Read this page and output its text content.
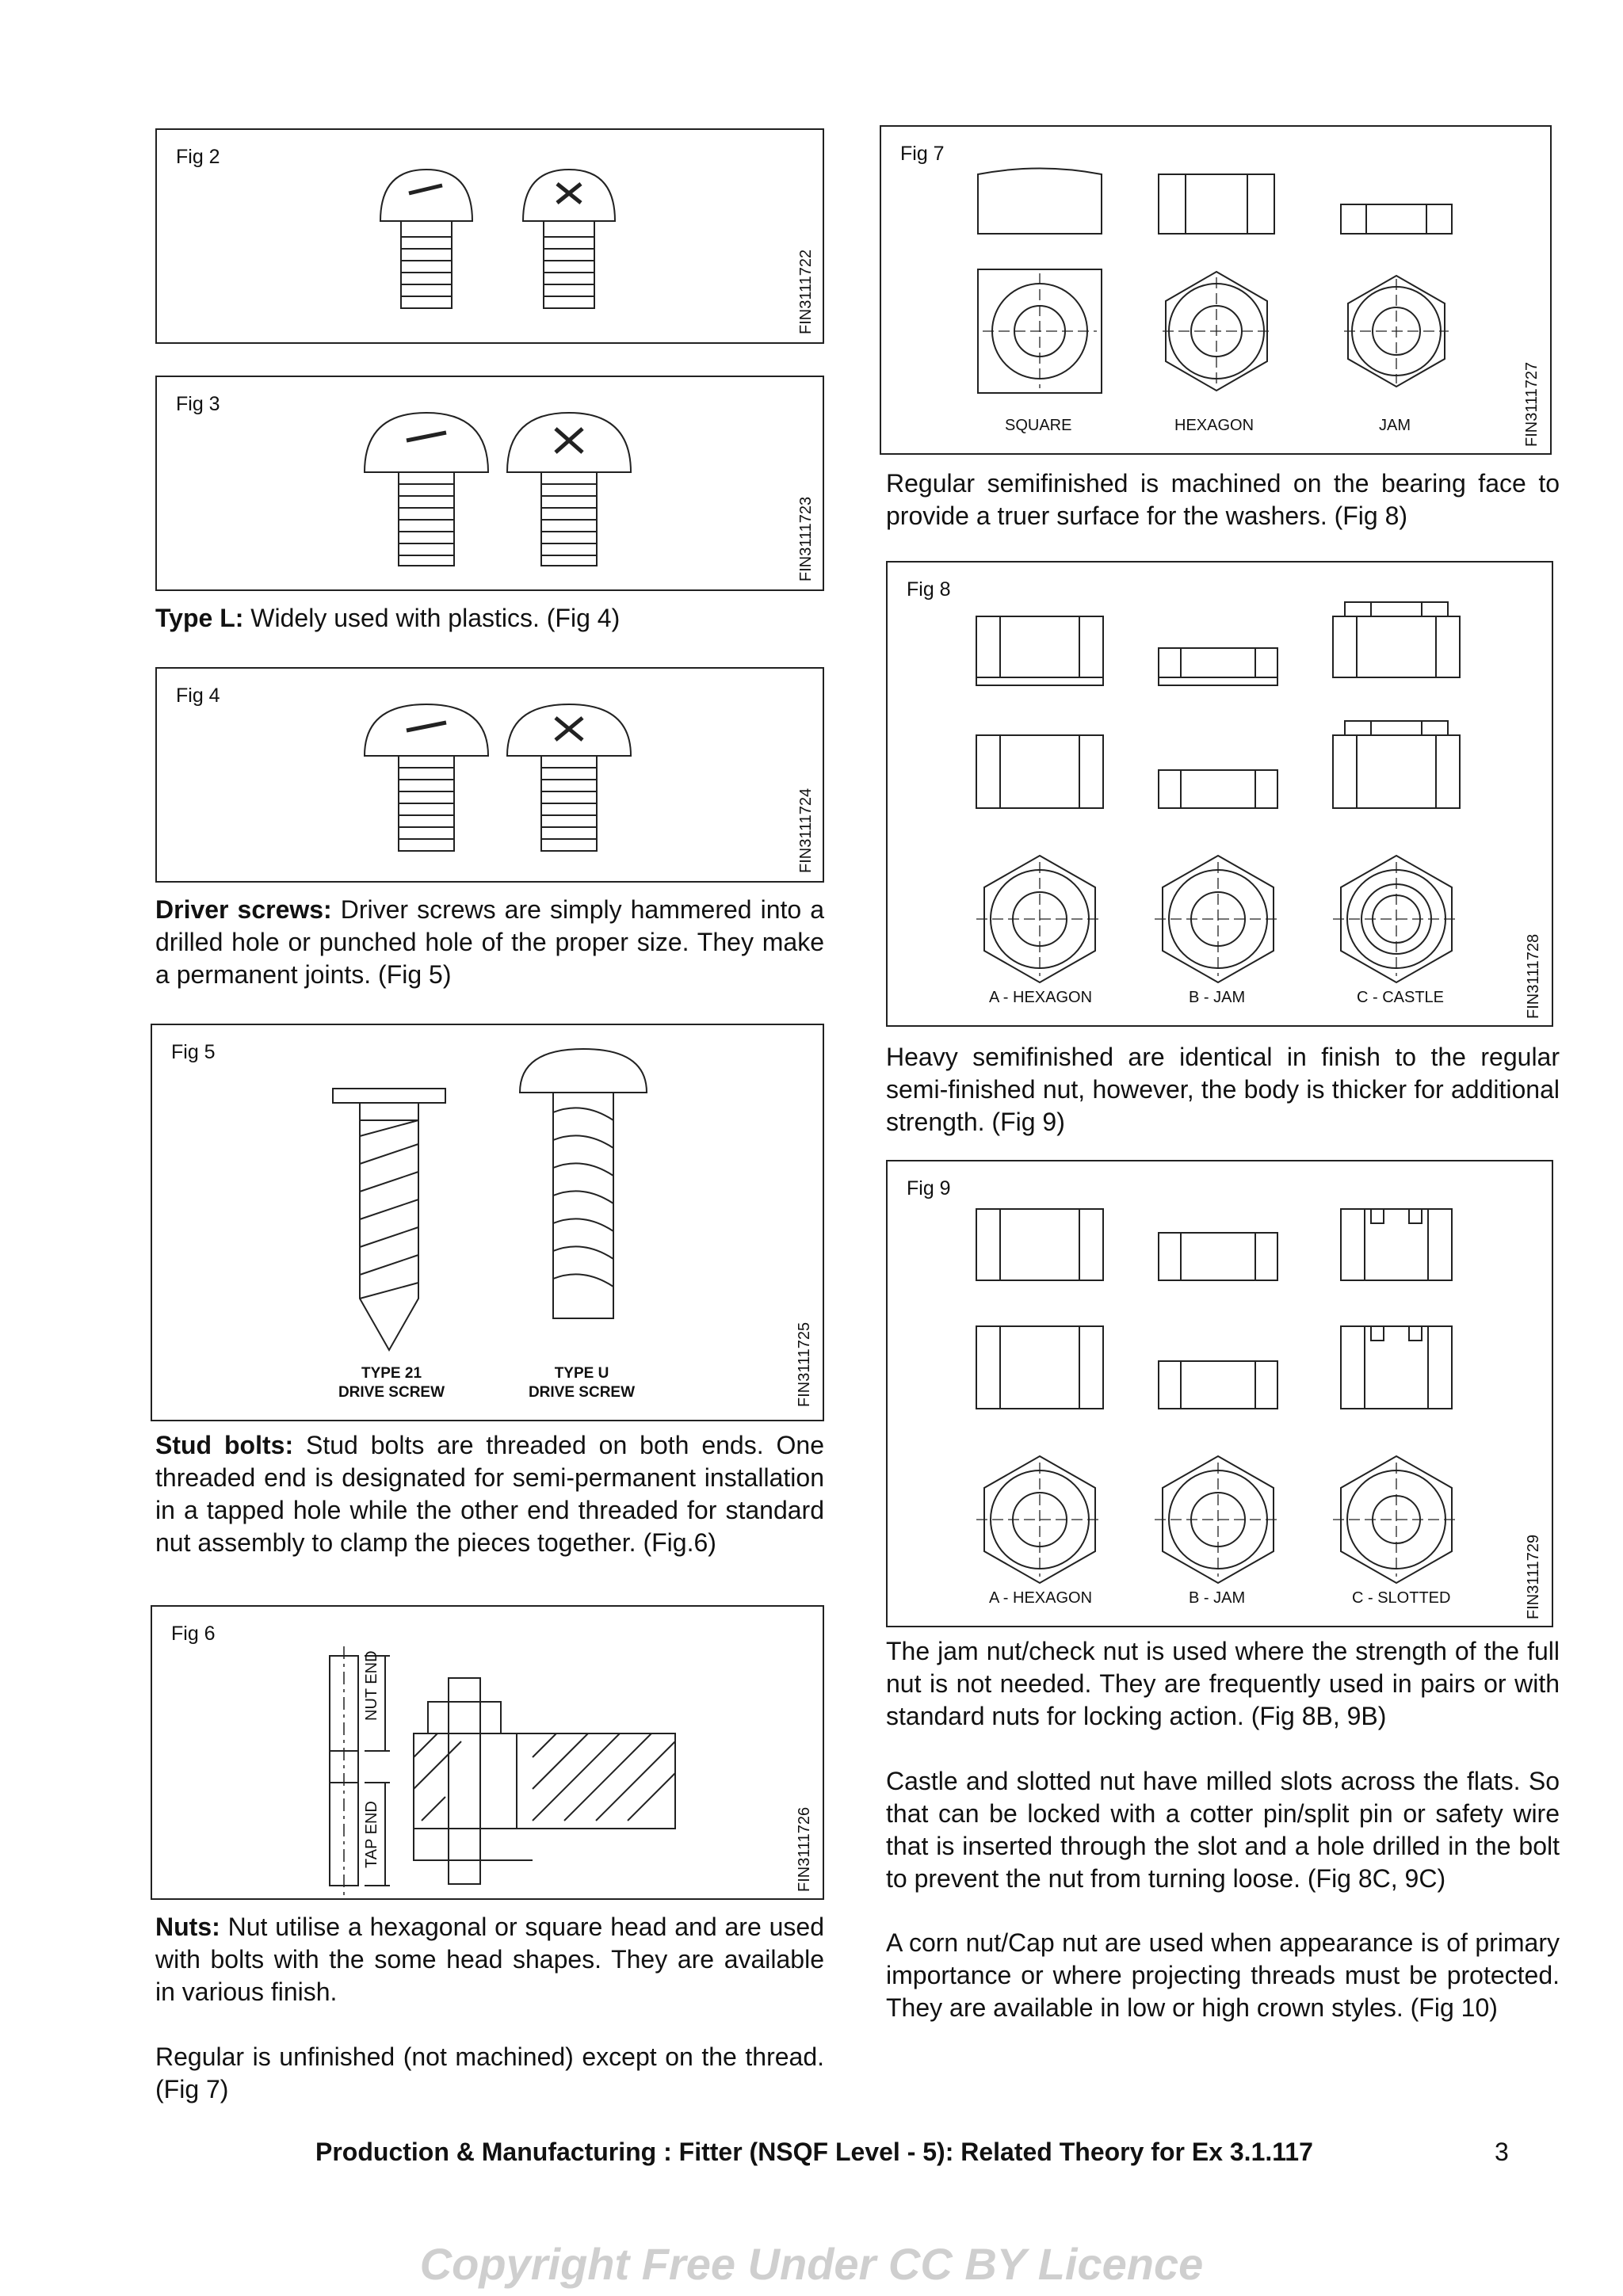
Fig 2
FIN3111722
Fig 3
FIN3111723
Type L: Widely used with plastics. (Fig 4)
Fig 4
FIN3111724
Driver screws: Driver screws are simply hammered into a drilled hole or punched hole of the proper size. They make a permanent joints. (Fig 5)
Fig 5
TYPE 21
DRIVE SCREW
TYPE U
DRIVE SCREW	FIN3111725
Stud bolts: Stud bolts are threaded on both ends. One threaded end is designated for semi-permanent installation in a tapped hole while the other end threaded for standard nut assembly to clamp the pieces together. (Fig.6)
Fig 6
NUT END
TAP END	FIN3111726
Nuts: Nut utilise a hexagonal or square head and are used with bolts with the some head shapes. They are available in various finish.
Regular is unfinished (not machined) except on the thread. (Fig 7)
Fig 7
SQUARE	HEXAGON	JAM	FIN3111727
Regular semifinished is machined on the bearing face to provide a truer surface for the washers. (Fig 8)
Fig 8
A - HEXAGON	B - JAM	C - CASTLE	FIN3111728
Heavy semifinished are identical in finish to the regular semi-finished nut, however, the body is thicker for additional strength. (Fig 9)
Fig 9
A - HEXAGON	B - JAM	C - SLOTTED	FIN3111729
The jam nut/check nut is used where the strength of the full nut is not needed. They are frequently used in pairs or with standard nuts for locking action. (Fig 8B, 9B)
Castle and slotted nut have milled slots across the flats. So that can be locked with a cotter pin/split pin or safety wire that is inserted through the slot and a hole drilled in the bolt to prevent the nut from turning loose. (Fig 8C, 9C)
A corn nut/Cap nut are used when appearance is of primary importance or where projecting threads must be protected. They are available in low or high crown styles. (Fig 10)
Production & Manufacturing : Fitter (NSQF Level - 5): Related Theory for Ex 3.1.117	3
Copyright Free Under CC BY Licence
